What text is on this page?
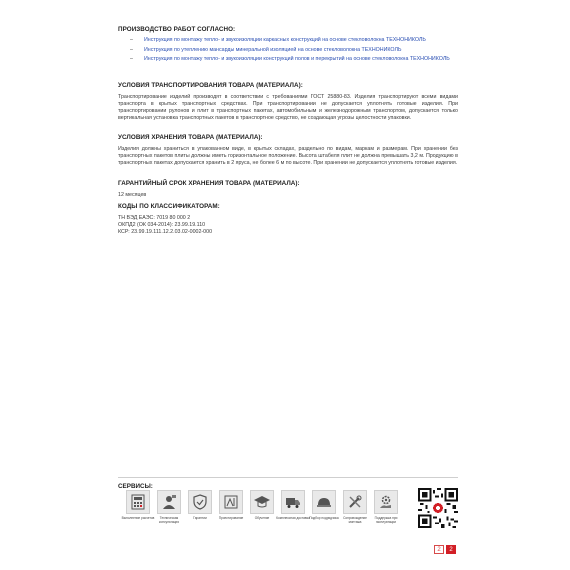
ПРОИЗВОДСТВО РАБОТ СОГЛАСНО:
–	Инструкция по монтажу тепло- и звукоизоляции каркасных конструкций на основе стекловолокна ТЕХНОНИКОЛЬ
–	Инструкция по утеплению мансарды минеральной изоляцией на основе стекловолокна ТЕХНОНИКОЛЬ
–	Инструкция по монтажу тепло- и звукоизоляции конструкций полов и перекрытий на основе стекловолокна ТЕХНОНИКОЛЬ
УСЛОВИЯ ТРАНСПОРТИРОВАНИЯ ТОВАРА (МАТЕРИАЛА):
Транспортирование изделий производят в соответствии с требованиями ГОСТ 25880-83. Изделия транспортируют всеми видами транспорта в крытых транспортных средствах. При транспортировании не допускается уплотнять готовые изделия. При транспортировании рулонов и плит в транспортных пакетах, автомобильным и железнодорожным транспортом, допускается только вертикальная установка транспортных пакетов в транспортное средство, не создающая угрозы целостности упаковки.
УСЛОВИЯ ХРАНЕНИЯ ТОВАРА (МАТЕРИАЛА):
Изделия должны храниться в упакованном виде, в крытых складах, раздельно по видам, маркам и размерам. При хранении без транспортных пакетов плиты должны иметь горизонтальное положение. Высота штабеля плит не должна превышать 3,2 м. Продукцию в транспортных пакетах допускается хранить в 2 яруса, не более 6 м по высоте. При хранении не допускается уплотнять готовые изделия.
ГАРАНТИЙНЫЙ СРОК ХРАНЕНИЯ ТОВАРА (МАТЕРИАЛА):
12 месяцев
КОДЫ ПО КЛАССИФИКАТОРАМ:
ТН ВЭД ЕАЭС: 7019 80 000 2
ОКПД2 (ОК 034-2014): 23.99.19.110
КСР: 23.99.19.111.12.2.03.02-0002-000
СЕРВИСЫ:
Выполнение расчетов	Техническая консультация
Гарантии	Проектирование	Обучение	Комплексная доставка Подбор подрядчика	Сопровождение монтажа
Поддержка при эксплуатации
2	2
